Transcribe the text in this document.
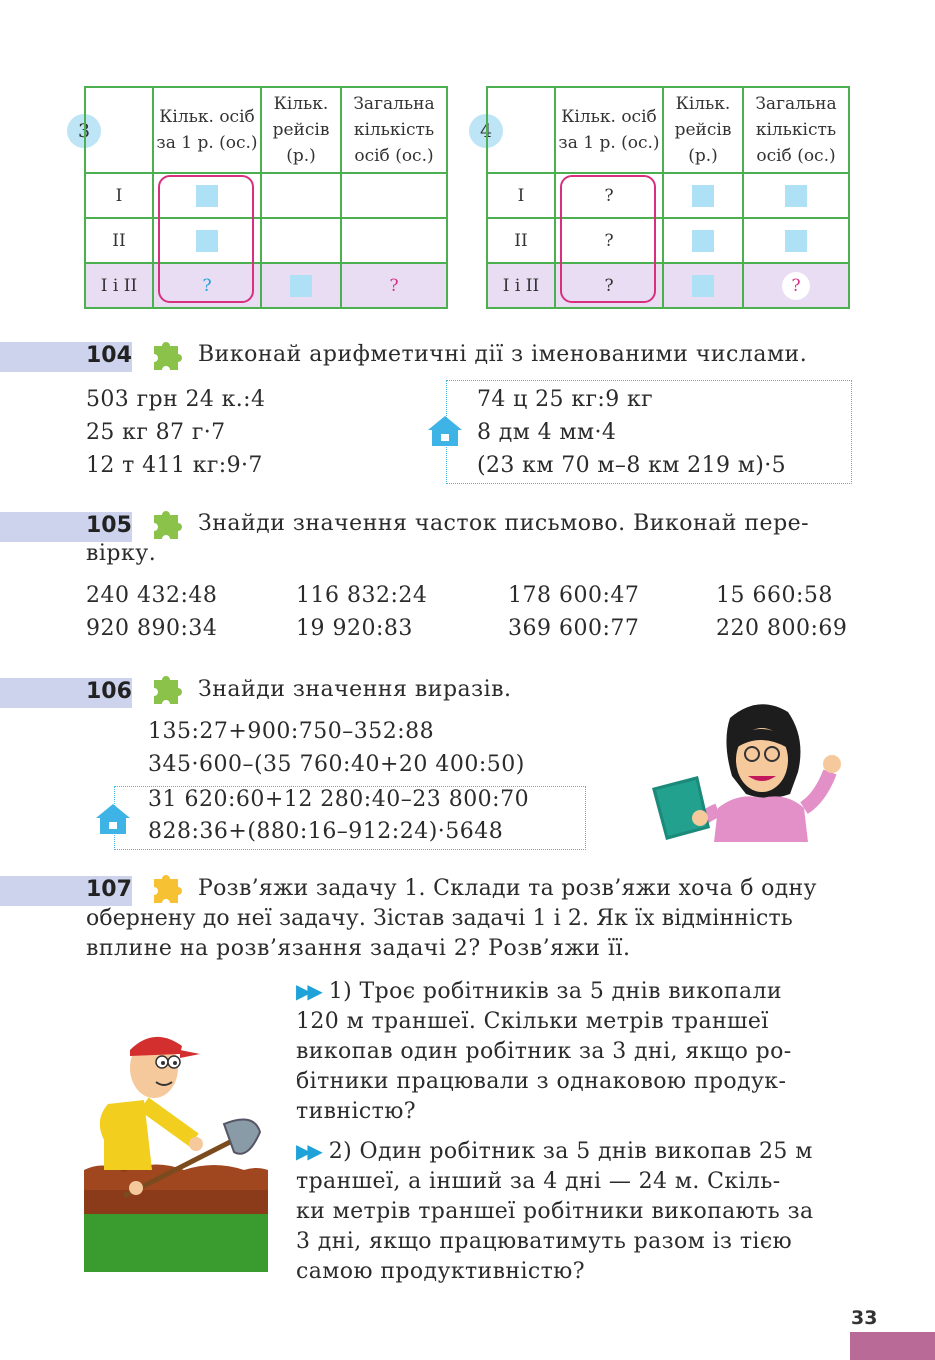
3
	Кільк. осіб за 1 р. (ос.)	Кільк. рейсів (р.)	Загальна кількість осіб (ос.)
I			
II			
I і II	?		?
4
	Кільк. осіб за 1 р. (ос.)	Кільк. рейсів (р.)	Загальна кількість осіб (ос.)
I	?		
II	?		
I і II	?		?
104	Виконай арифметичні дії з іменованими числами.
503 грн 24 к.:4
25 кг 87 г·7
12 т 411 кг:9·7
74 ц 25 кг:9 кг
8 дм 4 мм·4
(23 км 70 м–8 км 219 м)·5
105	Знайди значення часток письмово. Виконай пере-
вірку.
240 432:48	116 832:24	178 600:47	15 660:58
920 890:34	19 920:83	369 600:77	220 800:69
106	Знайди значення виразів.
135:27+900:750–352:88
345·600–(35 760:40+20 400:50)
31 620:60+12 280:40–23 800:70
828:36+(880:16–912:24)·5648
107	Розв’яжи задачу 1. Склади та розв’яжи хоча б одну
обернену до неї задачу. Зістав задачі 1 і 2. Як їх відмінність
вплине на розв’язання задачі 2? Розв’яжи її.
▶▶ 1) Троє робітників за 5 днів викопали
120 м траншеї. Скільки метрів траншеї
викопав один робітник за 3 дні, якщо ро-
бітники працювали з однаковою продук-
тивністю?
▶▶ 2) Один робітник за 5 днів викопав 25 м
траншеї, а інший за 4 дні — 24 м. Скіль-
ки метрів траншеї робітники викопають за
3 дні, якщо працюватимуть разом із тією
самою продуктивністю?
33
